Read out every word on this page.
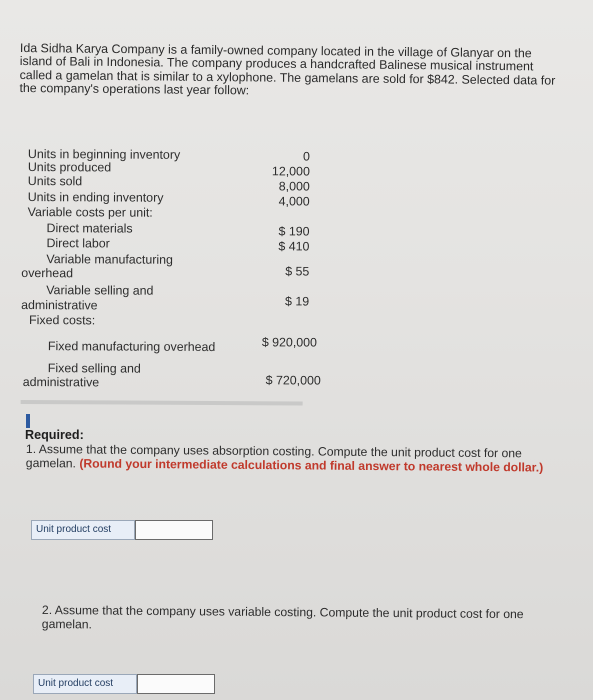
Ida Sidha Karya Company is a family-owned company located in the village of Glanyar on the island of Bali in Indonesia. The company produces a handcrafted Balinese musical instrument called a gamelan that is similar to a xylophone. The gamelans are sold for $842. Selected data for the company's operations last year follow:
Units in beginning inventory	0
Units produced	12,000
Units sold	8,000
Units in ending inventory	4,000
Variable costs per unit:
Direct materials	$ 190
Direct labor	$ 410
Variable manufacturing
overhead	$ 55
Variable selling and
administrative	$ 19
Fixed costs:
Fixed manufacturing overhead	$ 920,000
Fixed selling and
administrative	$ 720,000
Required:
1. Assume that the company uses absorption costing. Compute the unit product cost for one gamelan. (Round your intermediate calculations and final answer to nearest whole dollar.)
Unit product cost
2. Assume that the company uses variable costing. Compute the unit product cost for one gamelan.
Unit product cost
